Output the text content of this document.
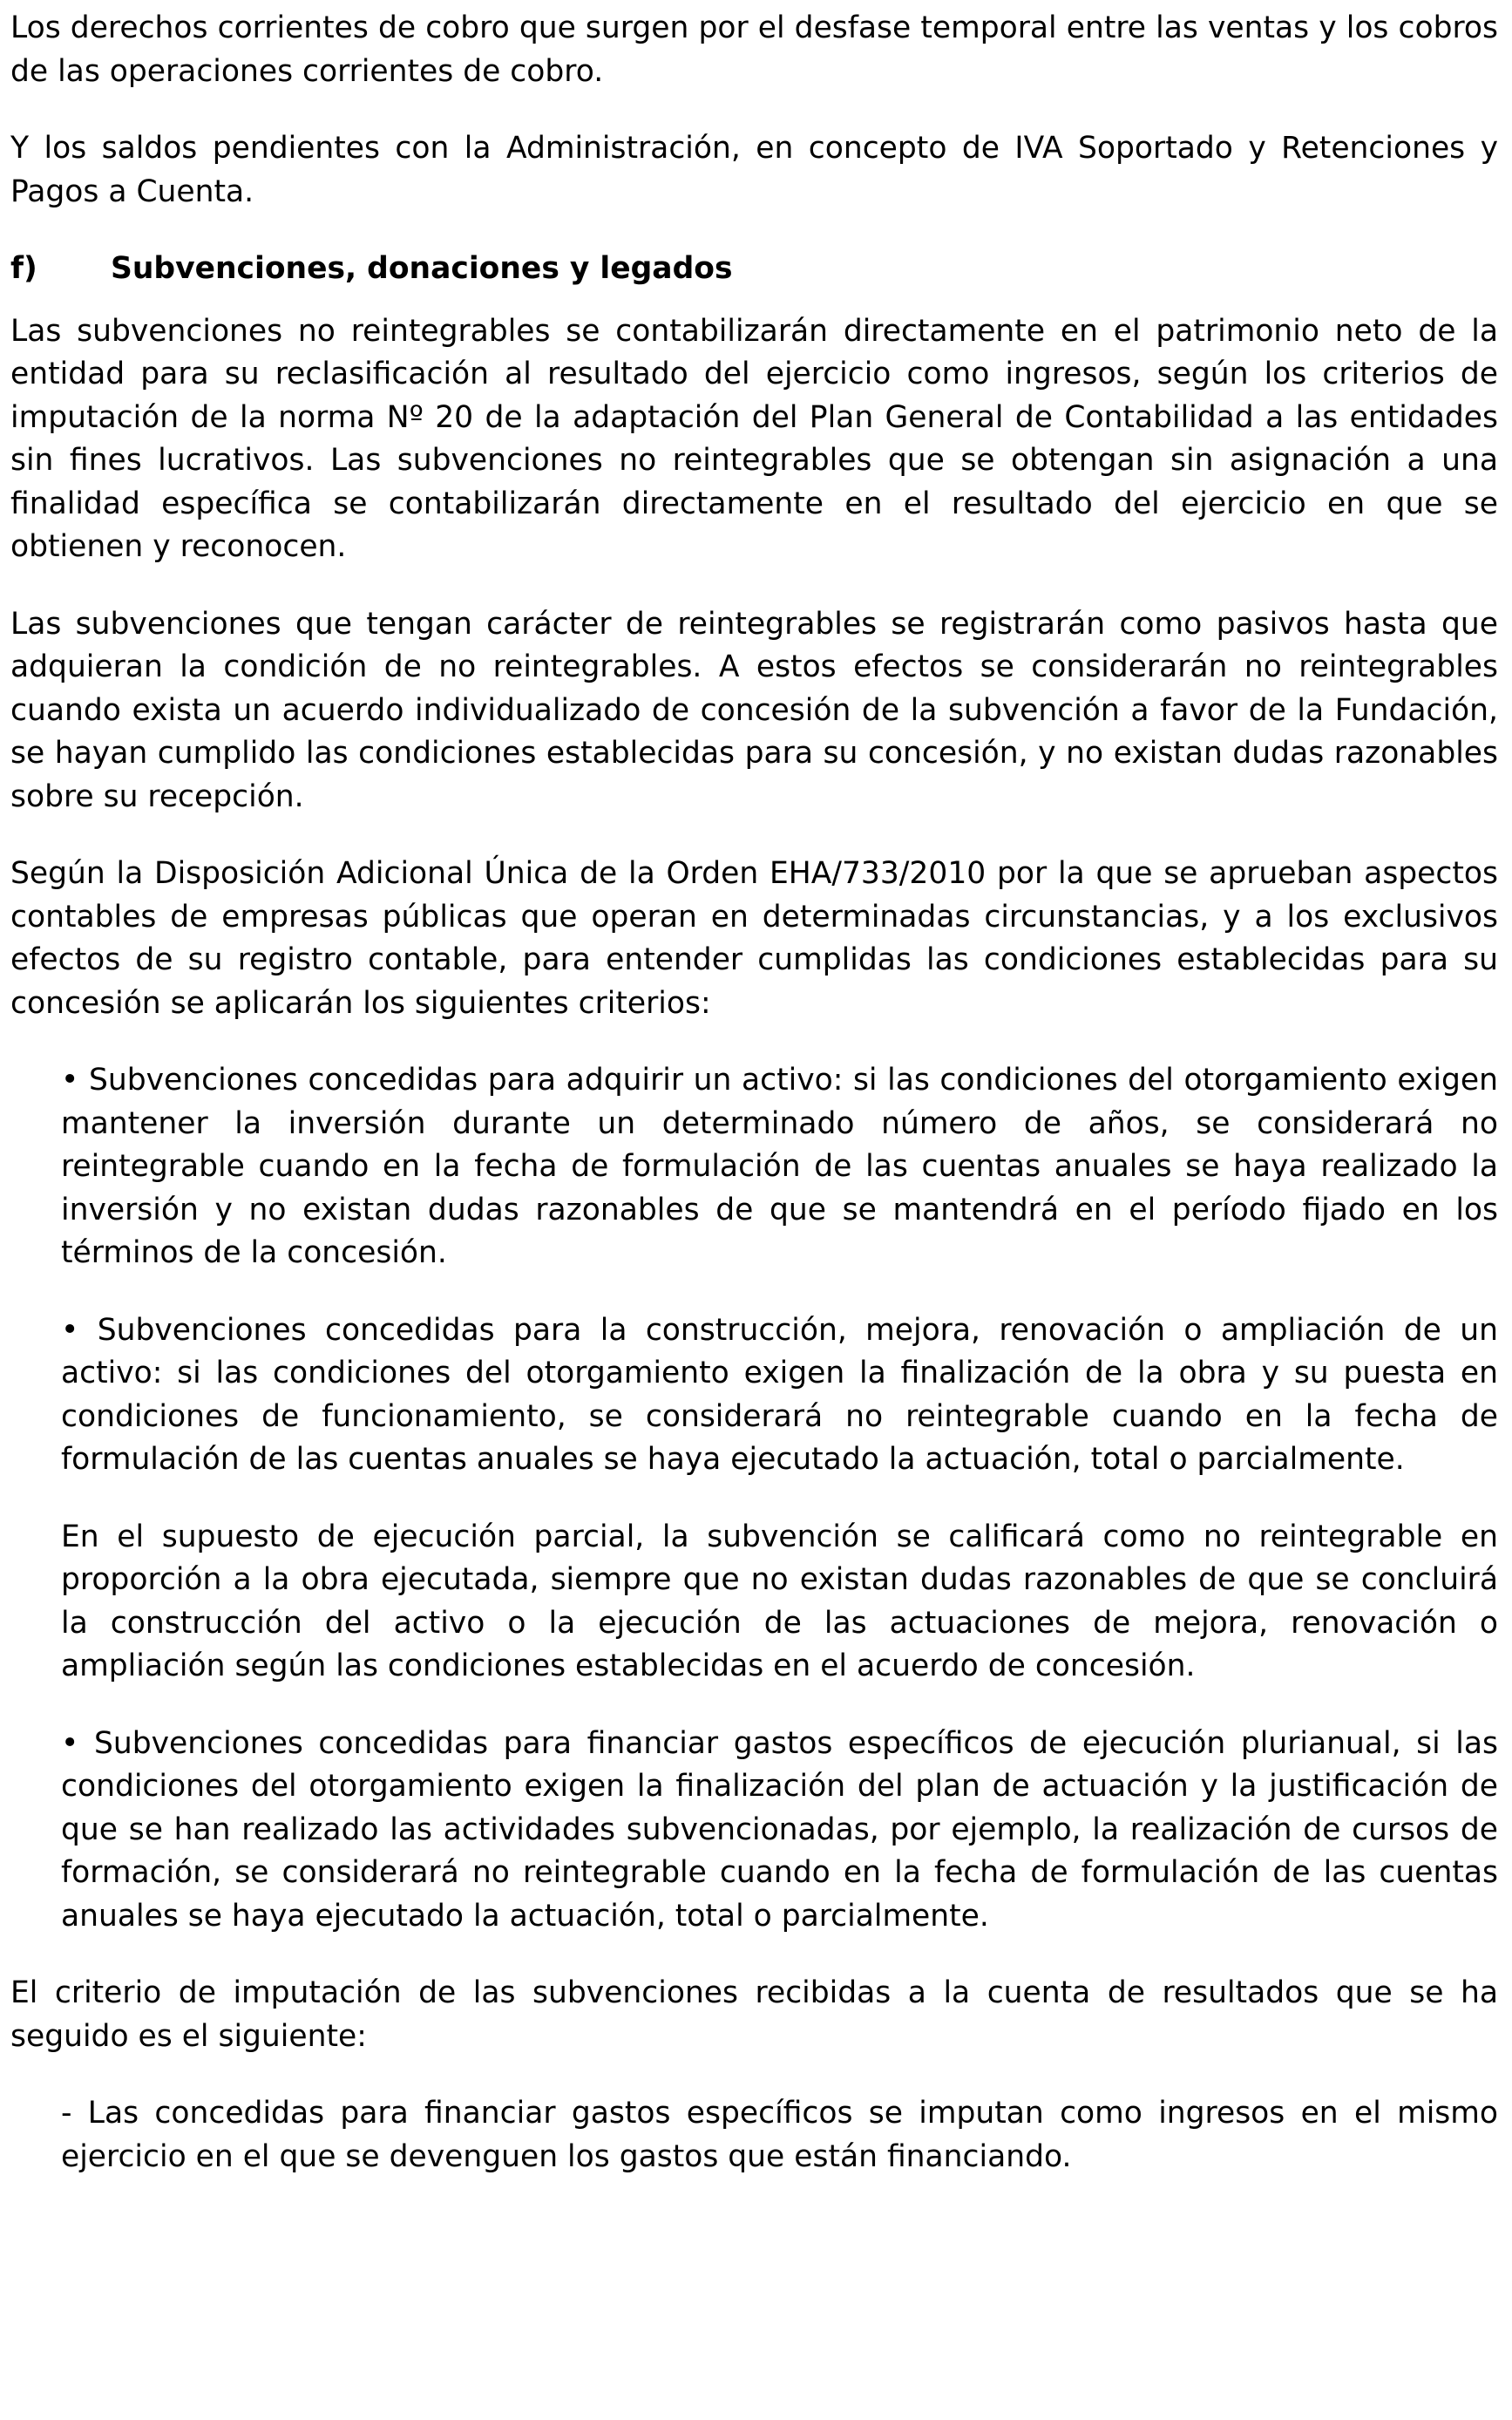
Los derechos corrientes de cobro que surgen por el desfase temporal entre las ventas y los cobros de las operaciones corrientes de cobro.

Y los saldos pendientes con la Administración, en concepto de IVA Soportado y Retenciones y Pagos a Cuenta.

f)	Subvenciones, donaciones y legados

Las subvenciones no reintegrables se contabilizarán directamente en el patrimonio neto de la entidad para su reclasificación al resultado del ejercicio como ingresos, según los criterios de imputación de la norma Nº 20 de la adaptación del Plan General de Contabilidad a las entidades sin fines lucrativos. Las subvenciones no reintegrables que se obtengan sin asignación a una finalidad específica se contabilizarán directamente en el resultado del ejercicio en que se obtienen y reconocen.

Las subvenciones que tengan carácter de reintegrables se registrarán como pasivos hasta que adquieran la condición de no reintegrables. A estos efectos se considerarán no reintegrables cuando exista un acuerdo individualizado de concesión de la subvención a favor de la Fundación, se hayan cumplido las condiciones establecidas para su concesión, y no existan dudas razonables sobre su recepción.

Según la Disposición Adicional Única de la Orden EHA/733/2010 por la que se aprueban aspectos contables de empresas públicas que operan en determinadas circunstancias, y a los exclusivos efectos de su registro contable, para entender cumplidas las condiciones establecidas para su concesión se aplicarán los siguientes criterios:

• Subvenciones concedidas para adquirir un activo: si las condiciones del otorgamiento exigen mantener la inversión durante un determinado número de años, se considerará no reintegrable cuando en la fecha de formulación de las cuentas anuales se haya realizado la inversión y no existan dudas razonables de que se mantendrá en el período fijado en los términos de la concesión.

• Subvenciones concedidas para la construcción, mejora, renovación o ampliación de un activo: si las condiciones del otorgamiento exigen la finalización de la obra y su puesta en condiciones de funcionamiento, se considerará no reintegrable cuando en la fecha de formulación de las cuentas anuales se haya ejecutado la actuación, total o parcialmente.

En el supuesto de ejecución parcial, la subvención se calificará como no reintegrable en proporción a la obra ejecutada, siempre que no existan dudas razonables de que se concluirá la construcción del activo o la ejecución de las actuaciones de mejora, renovación o ampliación según las condiciones establecidas en el acuerdo de concesión.

• Subvenciones concedidas para financiar gastos específicos de ejecución plurianual, si las condiciones del otorgamiento exigen la finalización del plan de actuación y la justificación de que se han realizado las actividades subvencionadas, por ejemplo, la realización de cursos de formación, se considerará no reintegrable cuando en la fecha de formulación de las cuentas anuales se haya ejecutado la actuación, total o parcialmente.

El criterio de imputación de las subvenciones recibidas a la cuenta de resultados que se ha seguido es el siguiente:

- Las concedidas para financiar gastos específicos se imputan como ingresos en el mismo ejercicio en el que se devenguen los gastos que están financiando.
